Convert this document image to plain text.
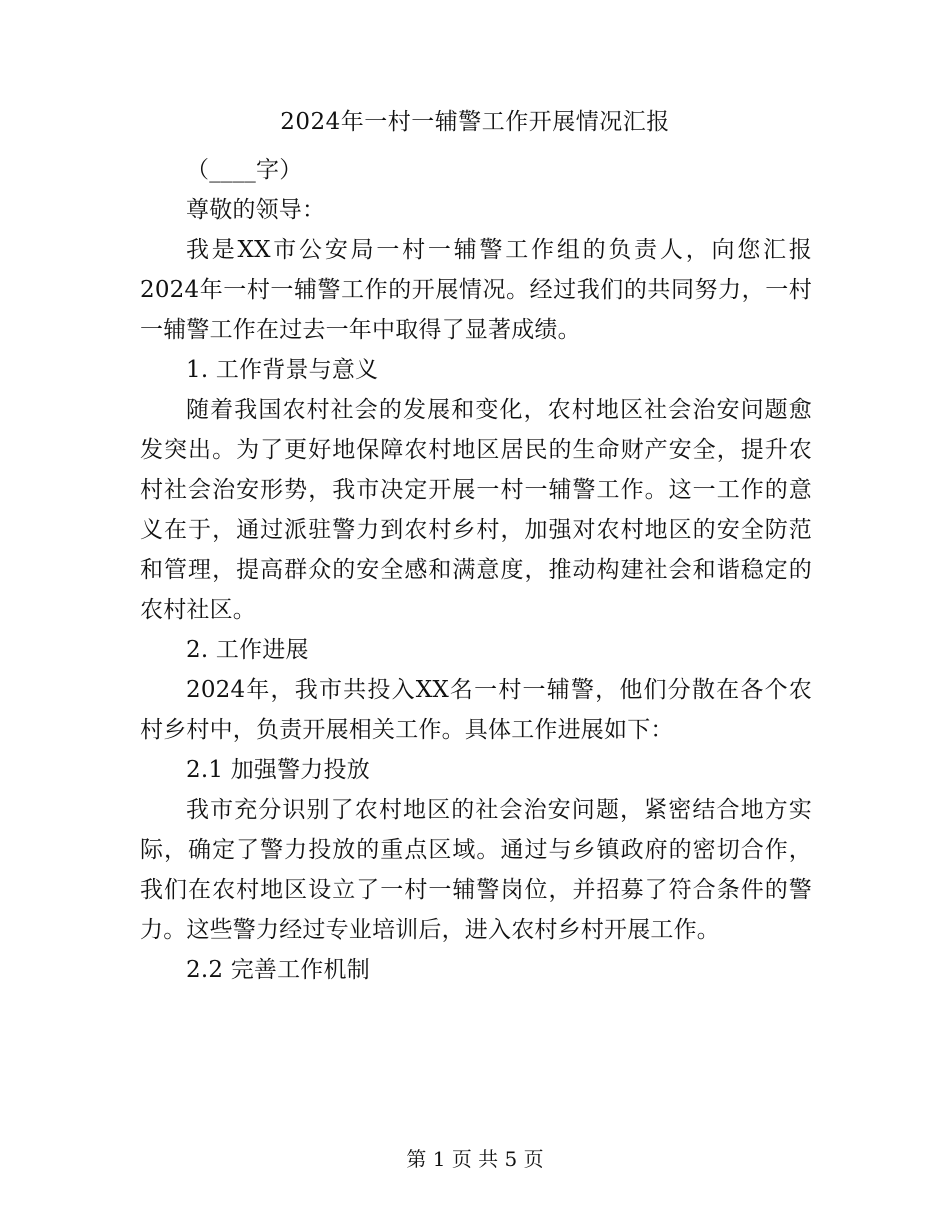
2024年一村一辅警工作开展情况汇报

（____字）

尊敬的领导：

我是XX市公安局一村一辅警工作组的负责人，向您汇报2024年一村一辅警工作的开展情况。经过我们的共同努力，一村一辅警工作在过去一年中取得了显著成绩。

1. 工作背景与意义

随着我国农村社会的发展和变化，农村地区社会治安问题愈发突出。为了更好地保障农村地区居民的生命财产安全，提升农村社会治安形势，我市决定开展一村一辅警工作。这一工作的意义在于，通过派驻警力到农村乡村，加强对农村地区的安全防范和管理，提高群众的安全感和满意度，推动构建社会和谐稳定的农村社区。

2. 工作进展

2024年，我市共投入XX名一村一辅警，他们分散在各个农村乡村中，负责开展相关工作。具体工作进展如下：

2.1 加强警力投放

我市充分识别了农村地区的社会治安问题，紧密结合地方实际，确定了警力投放的重点区域。通过与乡镇政府的密切合作，我们在农村地区设立了一村一辅警岗位，并招募了符合条件的警力。这些警力经过专业培训后，进入农村乡村开展工作。

2.2 完善工作机制

第 1 页 共 5 页
